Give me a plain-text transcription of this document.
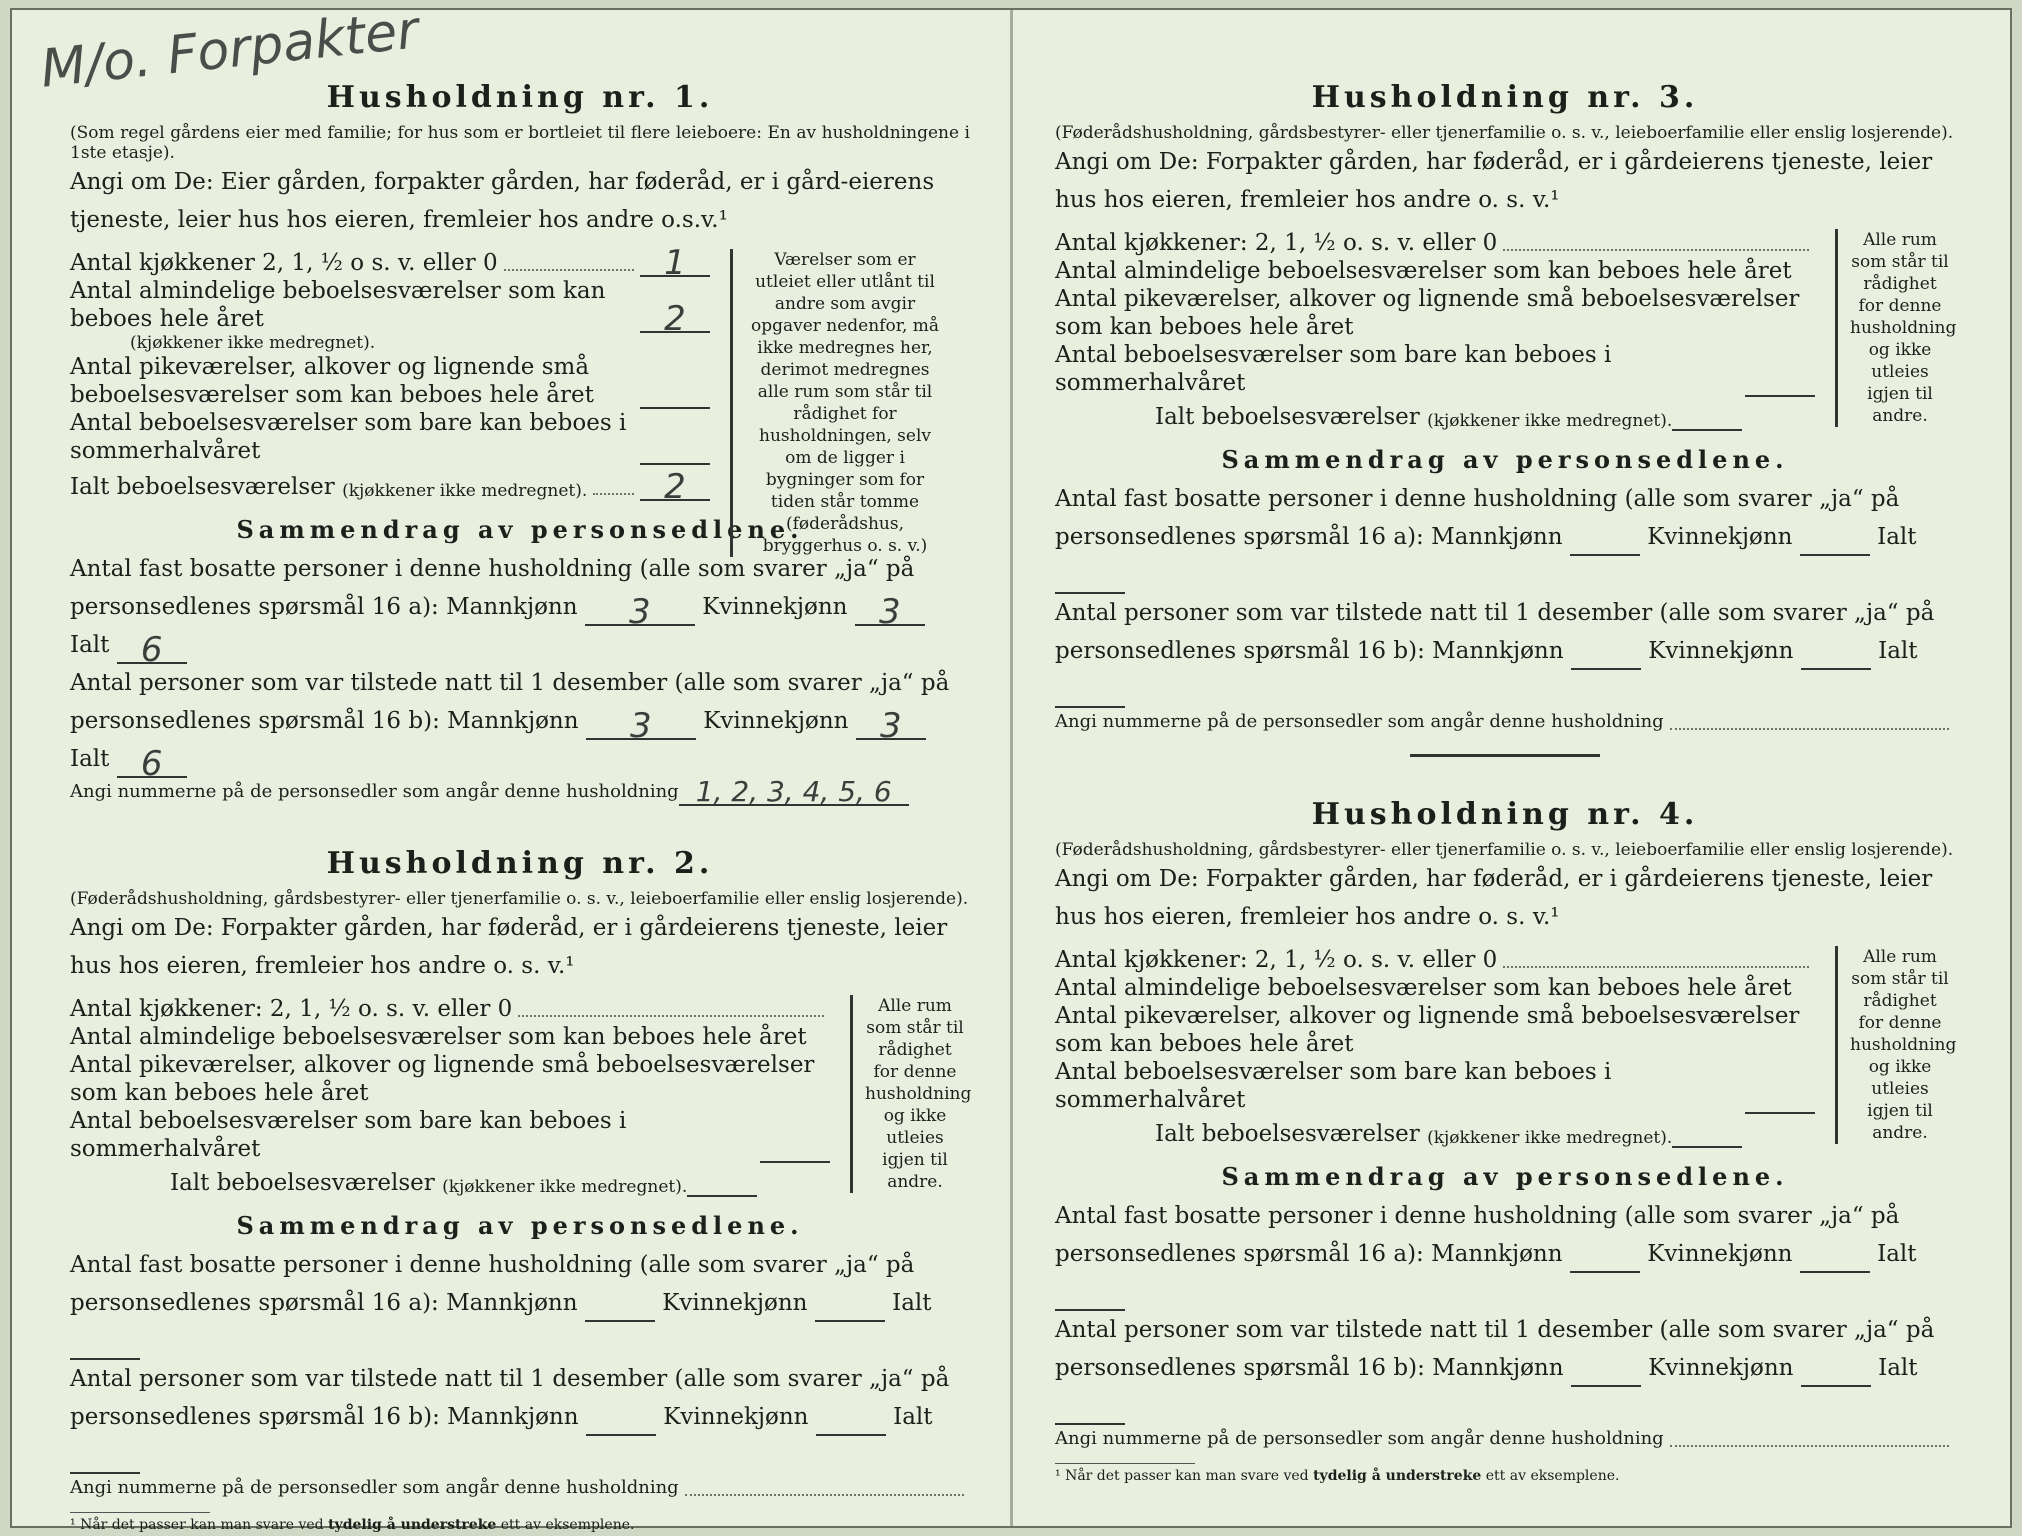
M/o. Forpakter
Husholdning nr. 1.
(Som regel gårdens eier med familie; for hus som er bortleiet til flere leieboere: En av husholdningene i 1ste etasje).
Angi om De: Eier gården, forpakter gården, har føderåd, er i gård-eierens tjeneste, leier hus hos eieren, fremleier hos andre o.s.v.¹
Antal kjøkkener 2, 1, ½ o s. v. eller 0	1
Antal almindelige beboelsesværelser som kan beboes hele året	2
(kjøkkener ikke medregnet).
Antal pikeværelser, alkover og lignende små beboelsesværelser som kan beboes hele året
Antal beboelsesværelser som bare kan beboes i sommerhalvåret
Ialt beboelsesværelser
(kjøkkener ikke medregnet).	2
Værelser som er utleiet eller utlånt til andre som avgir opgaver nedenfor, må ikke medregnes her, derimot medregnes alle rum som står til rådighet for husholdningen, selv om de ligger i bygninger som for tiden står tomme (føderådshus, bryggerhus o. s. v.)
Sammendrag av personsedlene.
Antal fast bosatte personer i denne husholdning (alle som svarer „ja“ på personsedlenes spørsmål 16 a): Mannkjønn 3 Kvinnekjønn 3 Ialt 6
Antal personer som var tilstede natt til 1 desember (alle som svarer „ja“ på personsedlenes spørsmål 16 b): Mannkjønn 3 Kvinnekjønn 3 Ialt 6
Angi nummerne på de personsedler som angår denne husholdning 1, 2, 3, 4, 5, 6
Husholdning nr. 2.
(Føderådshusholdning, gårdsbestyrer- eller tjenerfamilie o. s. v., leieboerfamilie eller enslig losjerende).
Angi om De: Forpakter gården, har føderåd, er i gårdeierens tjeneste, leier hus hos eieren, fremleier hos andre o. s. v.¹
Antal kjøkkener: 2, 1, ½ o. s. v. eller 0
Antal almindelige beboelsesværelser som kan beboes hele året
Antal pikeværelser, alkover og lignende små beboelsesværelser som kan beboes hele året
Antal beboelsesværelser som bare kan beboes i sommerhalvåret
Ialt beboelsesværelser
(kjøkkener ikke medregnet).
Alle rum som står til rådighet for denne husholdning og ikke utleies igjen til andre.
Sammendrag av personsedlene.
Antal fast bosatte personer i denne husholdning (alle som svarer „ja“ på personsedlenes spørsmål 16 a): Mannkjønn	Kvinnekjønn	Ialt
Antal personer som var tilstede natt til 1 desember (alle som svarer „ja“ på personsedlenes spørsmål 16 b): Mannkjønn	Kvinnekjønn	Ialt
Angi nummerne på de personsedler som angår denne husholdning
¹ Når det passer kan man svare ved tydelig å understreke ett av eksemplene.
Husholdning nr. 3.
(Føderådshusholdning, gårdsbestyrer- eller tjenerfamilie o. s. v., leieboerfamilie eller enslig losjerende).
Angi om De: Forpakter gården, har føderåd, er i gårdeierens tjeneste, leier hus hos eieren, fremleier hos andre o. s. v.¹
Antal kjøkkener: 2, 1, ½ o. s. v. eller 0
Antal almindelige beboelsesværelser som kan beboes hele året
Antal pikeværelser, alkover og lignende små beboelsesværelser som kan beboes hele året
Antal beboelsesværelser som bare kan beboes i sommerhalvåret
Ialt beboelsesværelser
(kjøkkener ikke medregnet).
Alle rum som står til rådighet for denne husholdning og ikke utleies igjen til andre.
Sammendrag av personsedlene.
Antal fast bosatte personer i denne husholdning (alle som svarer „ja“ på personsedlenes spørsmål 16 a): Mannkjønn	Kvinnekjønn	Ialt
Antal personer som var tilstede natt til 1 desember (alle som svarer „ja“ på personsedlenes spørsmål 16 b): Mannkjønn	Kvinnekjønn	Ialt
Angi nummerne på de personsedler som angår denne husholdning
Husholdning nr. 4.
(Føderådshusholdning, gårdsbestyrer- eller tjenerfamilie o. s. v., leieboerfamilie eller enslig losjerende).
Angi om De: Forpakter gården, har føderåd, er i gårdeierens tjeneste, leier hus hos eieren, fremleier hos andre o. s. v.¹
Antal kjøkkener: 2, 1, ½ o. s. v. eller 0
Antal almindelige beboelsesværelser som kan beboes hele året
Antal pikeværelser, alkover og lignende små beboelsesværelser som kan beboes hele året
Antal beboelsesværelser som bare kan beboes i sommerhalvåret
Ialt beboelsesværelser
(kjøkkener ikke medregnet).
Alle rum som står til rådighet for denne husholdning og ikke utleies igjen til andre.
Sammendrag av personsedlene.
Antal fast bosatte personer i denne husholdning (alle som svarer „ja“ på personsedlenes spørsmål 16 a): Mannkjønn	Kvinnekjønn	Ialt
Antal personer som var tilstede natt til 1 desember (alle som svarer „ja“ på personsedlenes spørsmål 16 b): Mannkjønn	Kvinnekjønn	Ialt
Angi nummerne på de personsedler som angår denne husholdning
¹ Når det passer kan man svare ved tydelig å understreke ett av eksemplene.
